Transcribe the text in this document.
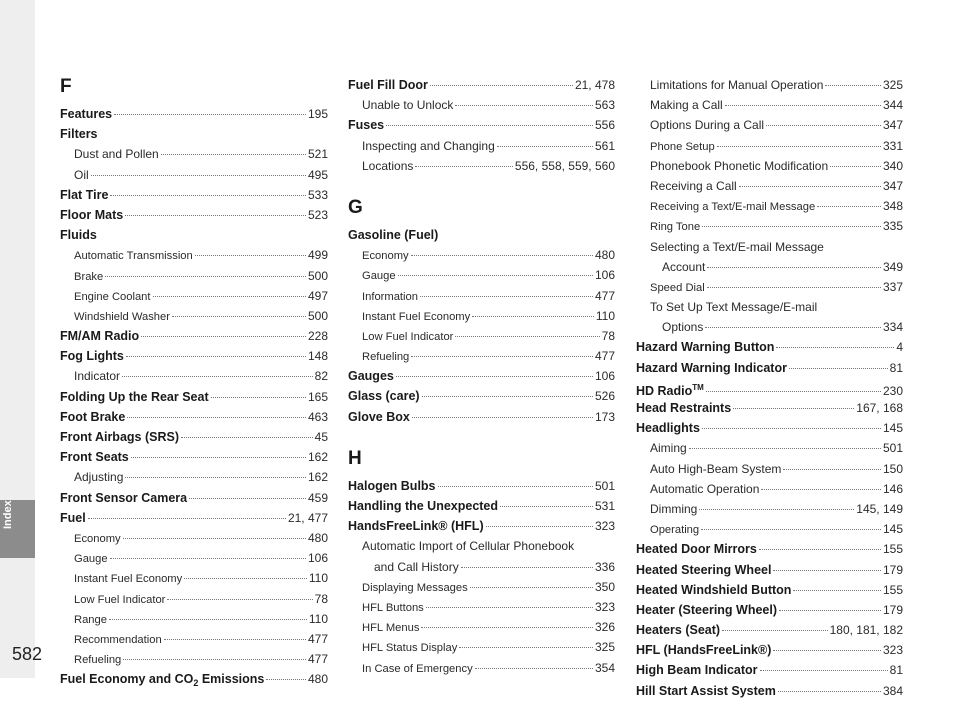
Index
582
F
Features	195
Filters
Dust and Pollen	521
Oil	495
Flat Tire	533
Floor Mats	523
Fluids
Automatic Transmission	499
Brake	500
Engine Coolant	497
Windshield Washer	500
FM/AM Radio	228
Fog Lights	148
Indicator	82
Folding Up the Rear Seat	165
Foot Brake	463
Front Airbags (SRS)	45
Front Seats	162
Adjusting	162
Front Sensor Camera	459
Fuel	21, 477
Economy	480
Gauge	106
Instant Fuel Economy	110
Low Fuel Indicator	78
Range	110
Recommendation	477
Refueling	477
Fuel Economy and $CO_2$ Emissions	480
Fuel Fill Door	21, 478
Unable to Unlock	563
Fuses	556
Inspecting and Changing	561
Locations	556, 558, 559, 560
G
Gasoline (Fuel)
Economy	480
Gauge	106
Information	477
Instant Fuel Economy	110
Low Fuel Indicator	78
Refueling	477
Gauges	106
Glass (care)	526
Glove Box	173
H
Halogen Bulbs	501
Handling the Unexpected	531
HandsFreeLink® (HFL)	323
Automatic Import of Cellular Phonebook
and Call History	336
Displaying Messages	350
HFL Buttons	323
HFL Menus	326
HFL Status Display	325
In Case of Emergency	354
Limitations for Manual Operation	325
Making a Call	344
Options During a Call	347
Phone Setup	331
Phonebook Phonetic Modification	340
Receiving a Call	347
Receiving a Text/E-mail Message	348
Ring Tone	335
Selecting a Text/E-mail Message
Account	349
Speed Dial	337
To Set Up Text Message/E-mail
Options	334
Hazard Warning Button	4
Hazard Warning Indicator	81
HD Radio™	230
Head Restraints	167, 168
Headlights	145
Aiming	501
Auto High-Beam System	150
Automatic Operation	146
Dimming	145, 149
Operating	145
Heated Door Mirrors	155
Heated Steering Wheel	179
Heated Windshield Button	155
Heater (Steering Wheel)	179
Heaters (Seat)	180, 181, 182
HFL (HandsFreeLink®)	323
High Beam Indicator	81
Hill Start Assist System	384
